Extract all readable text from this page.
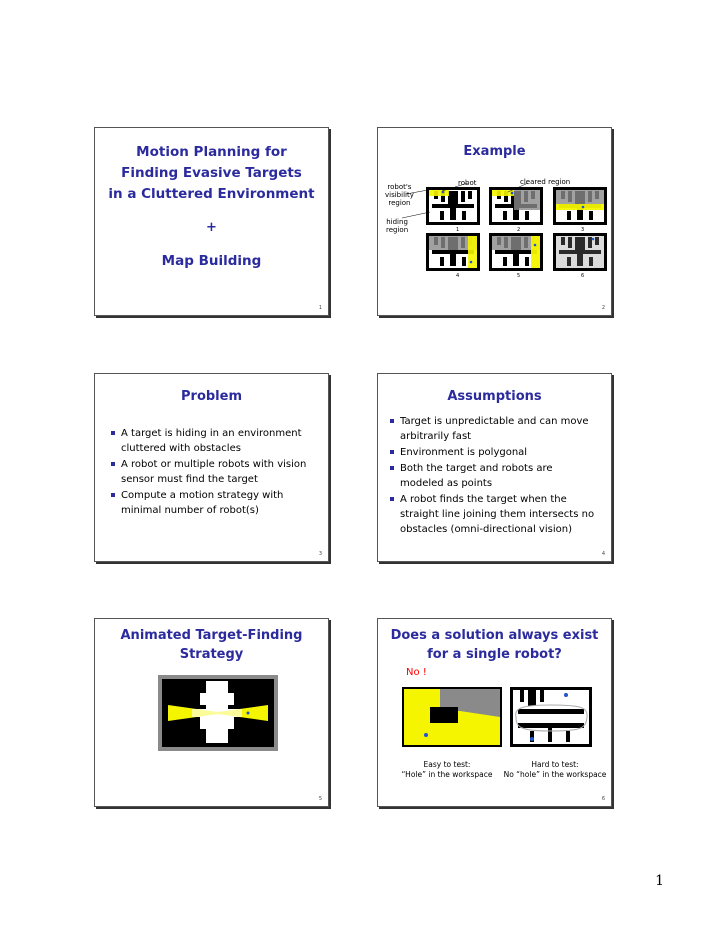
Motion Planning for
Finding Evasive Targets
in a Cluttered Environment
+
Map Building
1
Example
robot	cleared region
robot's
visibility
region
hiding
region	1	2	3
4	5	6
2
Problem
A target is hiding in an environment cluttered with obstacles
A robot or multiple robots with vision sensor must find the target
Compute a motion strategy with minimal number of robot(s)
3
Assumptions
Target is unpredictable and can move arbitrarily fast
Environment is polygonal
Both the target and robots are modeled as points
A robot finds the target when the straight line joining them intersects no obstacles (omni-directional vision)
4
Animated Target-Finding
Strategy
5
Does a solution always exist
for a single robot?
No !
Easy to test:
“Hole” in the workspace
Hard to test:
No “hole” in the workspace
6
1
